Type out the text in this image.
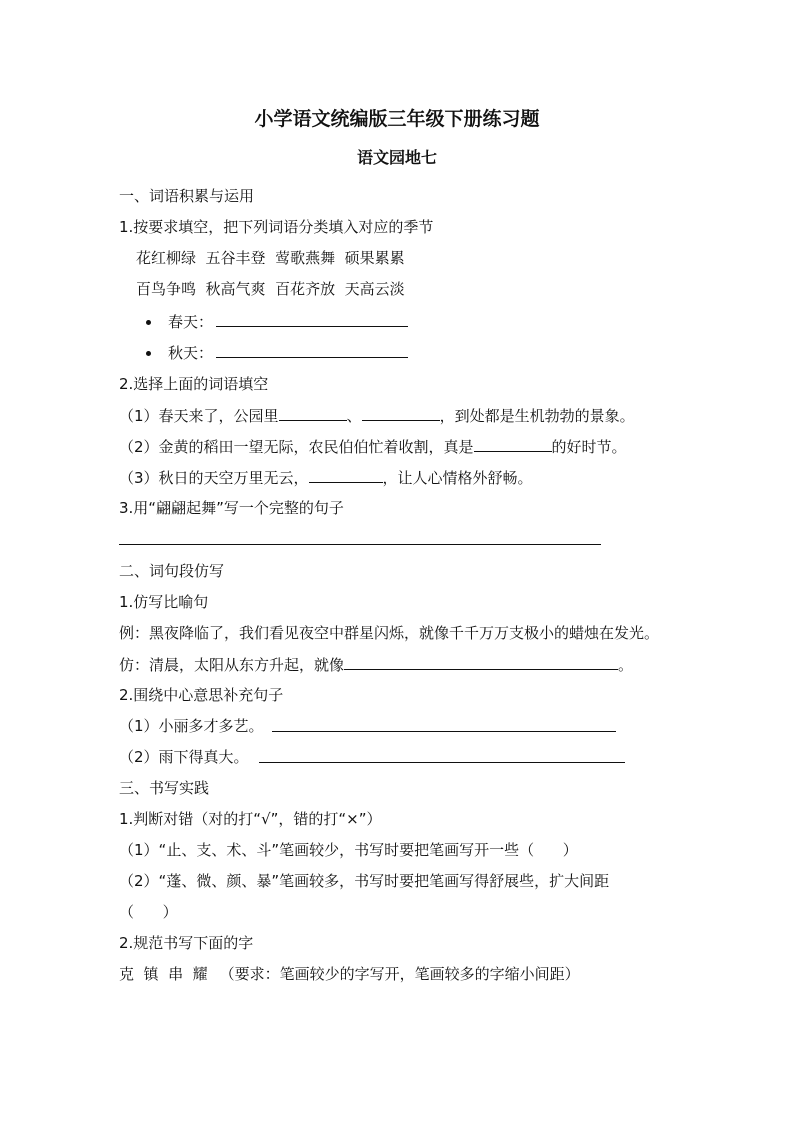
小学语文统编版三年级下册练习题
语文园地七
一、词语积累与运用
1.按要求填空，把下列词语分类填入对应的季节
花红柳绿  五谷丰登  莺歌燕舞  硕果累累
百鸟争鸣  秋高气爽  百花齐放  天高云淡
春天：
秋天：
2.选择上面的词语填空
（1）春天来了，公园里	、	，到处都是生机勃勃的景象。
（2）金黄的稻田一望无际，农民伯伯忙着收割，真是	的好时节。
（3）秋日的天空万里无云，	，让人心情格外舒畅。
3.用“翩翩起舞”写一个完整的句子
二、词句段仿写
1.仿写比喻句
例：黑夜降临了，我们看见夜空中群星闪烁，就像千千万万支极小的蜡烛在发光。
仿：清晨，太阳从东方升起，就像	。
2.围绕中心意思补充句子
（1）小丽多才多艺。
（2）雨下得真大。
三、书写实践
1.判断对错（对的打“√”，错的打“×”）
（1）“止、支、术、斗”笔画较少，书写时要把笔画写开一些（      ）
（2）“蓬、微、颜、暴”笔画较多，书写时要把笔画写得舒展些，扩大间距
（      ）
2.规范书写下面的字
克  镇  串  耀 （要求：笔画较少的字写开，笔画较多的字缩小间距）
